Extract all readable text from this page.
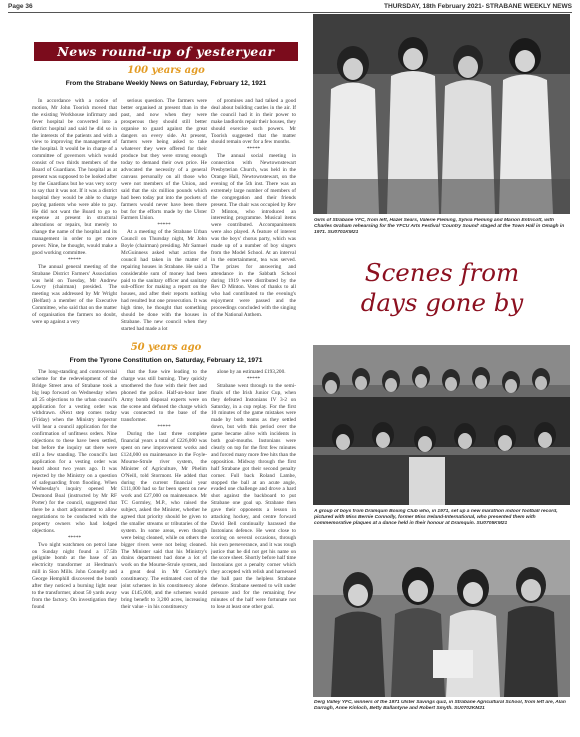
Page 36	THURSDAY, 18th February 2021- STRABANE WEEKLY NEWS
News round-up of yesteryear
100 years ago
From the Strabane Weekly News on Saturday, February 12, 1921

In accordance with a notice of motion, Mr John Toorish moved that the existing Workhouse infirmary and fever hospital be converted into a district hospital and said he did so in the interests of the patients and with a view to improving the management of the hospital. It would be in charge of a committee of governors which would consist of two thirds members of the Board of Guardians. The hospital as at present was supposed to be looked after by the Guardians but he was very sorry to say that it was not. If it was a district hospital they would be able to charge paying patients who were able to pay. He did not want the Board to go to expense at present in structural alterations or repairs, but merely to change the name of the hospital and its management in order to get more power. Nine, he thought, would make a good working committee.

*****

The annual general meeting of the Strabane District Farmers' Association was held on Tuesday, Mr Andrew Lowry (chairman) presided. The meeting was addressed by Mr Wright (Belfast) a member of the Executive Committee, who said that on the matter of organisation the farmers no doubt, were up against a very

serious question. The farmers were better organised at present than in the past, and now when they were prosperous they should still better organise to guard against the great dangers on every side. At present, farmers were being asked to take whatever they were offered for their produce but they were strong enough today to demand their own price. He advocated the necessity of a general canvass personally on all those who were not members of the Union, and said that the six million pounds which had been today put into the pockets of farmers would never have been there but for the efforts made by the Ulster Farmers Union.

*****

At a meeting of the Strabane Urban Council on Thursday night, Mr John Boyle (chairman) presiding. Mr Samuel McGuinness asked what action the council had taken in the matter of repairing houses in Strabane. He said a considerable sum of money had been paid to the sanitary officer and sanitary sub-officer for making a report on the houses, and after their reports nothing had resulted but one prosecution. It was high time, he thought that something should be done with the houses in Strabane. The new council when they started had made a lot

of promises and had talked a good deal about building castles in the air. If the council had it in their power to make landlords repair their houses, they should exercise such powers. Mr Toorish suggested that the matter should remain over for a few months.

*****

The annual social meeting in connection with Newtownstewart Presbyterian Church, was held in the Orange Hall, Newtownstewart, on the evening of the 5th inst. There was an extremely large number of members of the congregation and their friends present. The chair was occupied by Rev D Minton, who introduced an interesting programme. Musical items were contributed. Accompaniments were also played. A feature of interest was the boys' chorus party, which was made up of a number of boy singers from the Model School. At an interval in the entertainment, tea was served. The prizes for answering and attendance in the Sabbath School during 1919 were distributed by the Rev D Minton. Votes of thanks to all who had contributed to the evening's enjoyment were passed and the proceedings concluded with the singing of the National Anthem.

50 years ago
From the Tyrone Constitution on, Saturday, February 12, 1971

The long-standing and controversial scheme for the redevelopment of the Bridge Street area of Strabane took a big leap forward on Wednesday when all 25 objections to the urban council's application for a vesting order was withdrawn. sNext step comes today (Friday) when the Ministry inspector will hear a council application for the confirmation of unfitness orders. Nine objections to these have been settled, but before the inquiry sat there were still a few standing. The council's last application for a vesting order was heard about two years ago. It was rejected by the Ministry on a question of safeguarding from flooding. When Wednesday's inquiry opened Mr Desmond Boal (instructed by Mr RF Porter) for the council, suggested that there be a short adjournment to allow negotiations to be conducted with the property owners who had lodged objections.

*****

Two night watchmen on petrol lane on Sunday night found a 17.5lb gelignite bomb at the base of an electricity transformer at Herdman's mill in Sion Mills. John Connelly and George Hemphill discovered the bomb after they noticed a burning light near to the transformer, about 50 yards away from the factory. On investigation they found

that the fuse wire leading to the charge was still burning. They quickly smothered the fuse with their feet and phoned the police. Half-an-hour later Army bomb disposal experts were on the scene and defused the charge which was connected to the base of the transformer.

*****

During the last three complete financial years a total of £226,000 was spent on new improvement works and £124,000 on maintenance in the Foyle-Mourne-Strule river system, the Minister of Agriculture, Mr Phelim O'Neill, told Stormont. He added that during the current financial year £111,000 had so far been spent on new work and £27,000 on maintenance. Mr TC Gormley, M.P., who raised the subject, asked the Minister, whether he agreed that priority should be given to the smaller streams or tributaries of the system. In some areas, even though were being cleaned, while on others the bigger rivers were not being cleaned. The Minister said that his Ministry's drains department had done a lot of work on the Mourne-Strule system, and a great deal in Mr Gormley's constituency. The estimated cost of the joint schemes in his constituency alone was £145,000, and the schemes would bring benefit to 3,200 acres, increasing their value - in his constituency

alone by an estimated £193,200.

*****

Strabane went through to the semi-finals of the Irish Junior Cup, when they defeated Instonians IV 3-2 on Saturday, in a cup replay. For the first 10 minutes of the game mistakes were made by both teams as they settled down, but with this period over the game became alive with incidents in both goal-mouths. Instonians were clearly on top for the first few minutes and forced many more free hits than the opposition. Midway through the first half Strabane got their second penalty corner. Full back Roland Lambe, stopped the ball at an acute angle, evaded one challenge and drove a hard shot against the backboard to put Strabane one goal up. Strabane then gave their opponents a lesson in attacking hockey, and centre forward David Bell continually harassed the Instonians defence. He went close to scoring on several occasions, through his own perseverance, and it was rough justice that he did not get his name on the score sheet. Shortly before half time Instonians got a penalty corner which they accepted with relish and harnessed the ball past the helpless Strabane defence. Strabane seemed to wilt under pressure and for the remaining few minutes of the half were fortunate not to lose at least one other goal.

Girls of Strabane YFC, from left, Hazel Sears, Valerie Fleming, Sylvia Fleming and Marion Entricott, with Charles Graham rehearsing for the YFCU Arts Festival 'Country Sound' staged at the Town Hall in Omagh in 1971. SU0701KM21
Scenes from
days gone by
A group of boys from Dramquin Boxing Club who, in 1971, set up a new marathon indoor football record, pictured with Miss Bernie Connolly, former Miss Ireland-International, who presented them with commemorative plaques at a dance held in their honour at Dramquin. SU0705KM21
Derg Valley YFC, winners of the 1971 Ulster Savings quiz, in Strabane Agricultural School, from left are, Alan Darragh, Anne Kinloch, Betty Ballantyne and Robert Smyth. SU0702KM21
